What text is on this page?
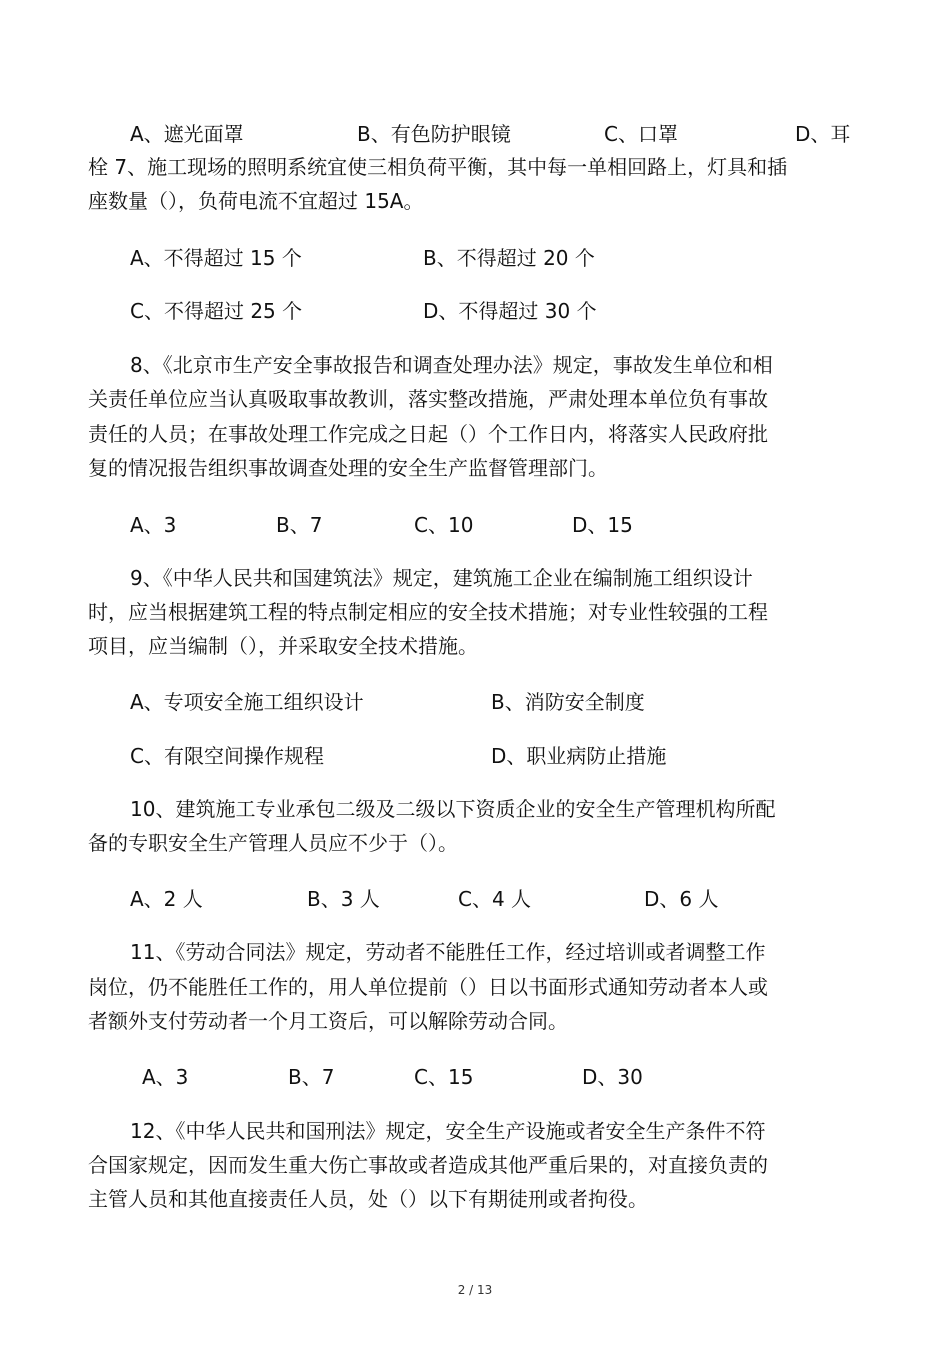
A、遮光面罩	B、有色防护眼镜	C、口罩	D、耳
栓 7、施工现场的照明系统宜使三相负荷平衡，其中每一单相回路上，灯具和插
座数量（），负荷电流不宜超过 15A。
A、不得超过 15 个	B、不得超过 20 个
C、不得超过 25 个	D、不得超过 30 个
8、《北京市生产安全事故报告和调查处理办法》规定，事故发生单位和相
关责任单位应当认真吸取事故教训，落实整改措施，严肃处理本单位负有事故
责任的人员；在事故处理工作完成之日起（）个工作日内，将落实人民政府批
复的情况报告组织事故调查处理的安全生产监督管理部门。
A、3	B、7	C、10	D、15
9、《中华人民共和国建筑法》规定，建筑施工企业在编制施工组织设计
时，应当根据建筑工程的特点制定相应的安全技术措施；对专业性较强的工程
项目，应当编制（），并采取安全技术措施。
A、专项安全施工组织设计	B、消防安全制度
C、有限空间操作规程	D、职业病防止措施
10、建筑施工专业承包二级及二级以下资质企业的安全生产管理机构所配
备的专职安全生产管理人员应不少于（）。
A、2 人	B、3 人	C、4 人	D、6 人
11、《劳动合同法》规定，劳动者不能胜任工作，经过培训或者调整工作
岗位，仍不能胜任工作的，用人单位提前（）日以书面形式通知劳动者本人或
者额外支付劳动者一个月工资后，可以解除劳动合同。
A、3	B、7	C、15	D、30
12、《中华人民共和国刑法》规定，安全生产设施或者安全生产条件不符
合国家规定，因而发生重大伤亡事故或者造成其他严重后果的，对直接负责的
主管人员和其他直接责任人员，处（）以下有期徒刑或者拘役。
2 / 13
